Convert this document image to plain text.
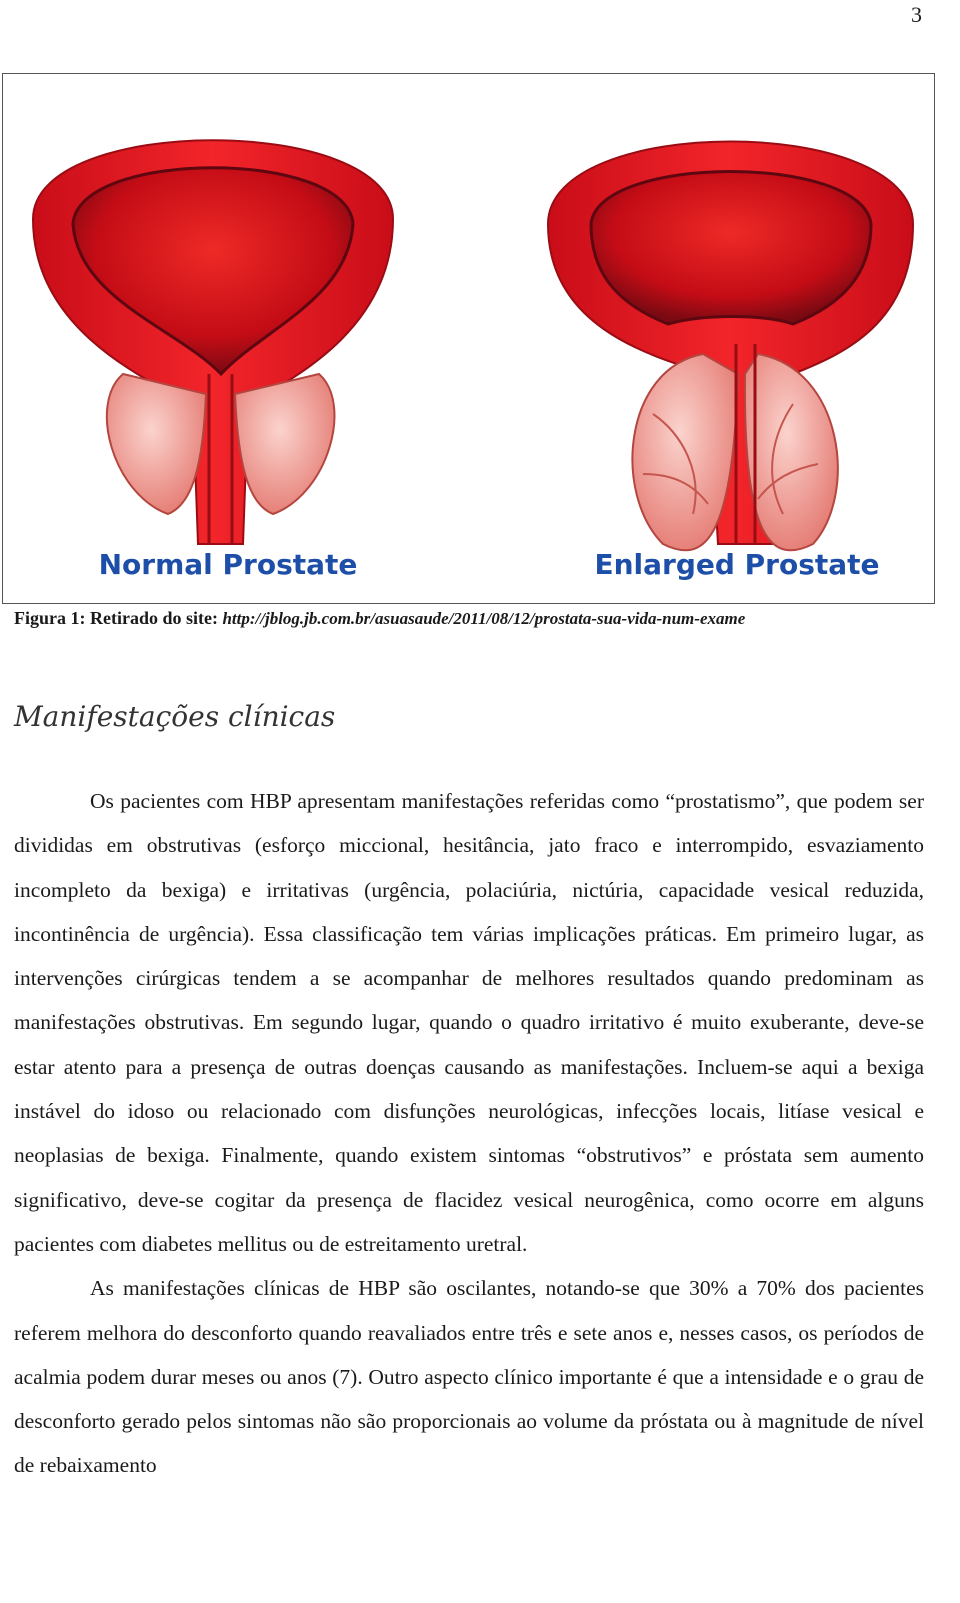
3
Normal Prostate	Enlarged Prostate
Figura 1: Retirado do site: http://jblog.jb.com.br/asuasaude/2011/08/12/prostata-sua-vida-num-exame
Manifestações clínicas

Os pacientes com HBP apresentam manifestações referidas como “prostatismo”, que podem ser divididas em obstrutivas (esforço miccional, hesitância, jato fraco e interrompido, esvaziamento incompleto da bexiga) e irritativas (urgência, polaciúria, nictúria, capacidade vesical reduzida, incontinência de urgência). Essa classificação tem várias implicações práticas. Em primeiro lugar, as intervenções cirúrgicas tendem a se acompanhar de melhores resultados quando predominam as manifestações obstrutivas. Em segundo lugar, quando o quadro irritativo é muito exuberante, deve-se estar atento para a presença de outras doenças causando as manifestações. Incluem-se aqui a bexiga instável do idoso ou relacionado com disfunções neurológicas, infecções locais, litíase vesical e neoplasias de bexiga. Finalmente, quando existem sintomas “obstrutivos” e próstata sem aumento significativo, deve-se cogitar da presença de flacidez vesical neurogênica, como ocorre em alguns pacientes com diabetes mellitus ou de estreitamento uretral.

As manifestações clínicas de HBP são oscilantes, notando-se que 30% a 70% dos pacientes referem melhora do desconforto quando reavaliados entre três e sete anos e, nesses casos, os períodos de acalmia podem durar meses ou anos (7). Outro aspecto clínico importante é que a intensidade e o grau de desconforto gerado pelos sintomas não são proporcionais ao volume da próstata ou à magnitude de nível de rebaixamento
